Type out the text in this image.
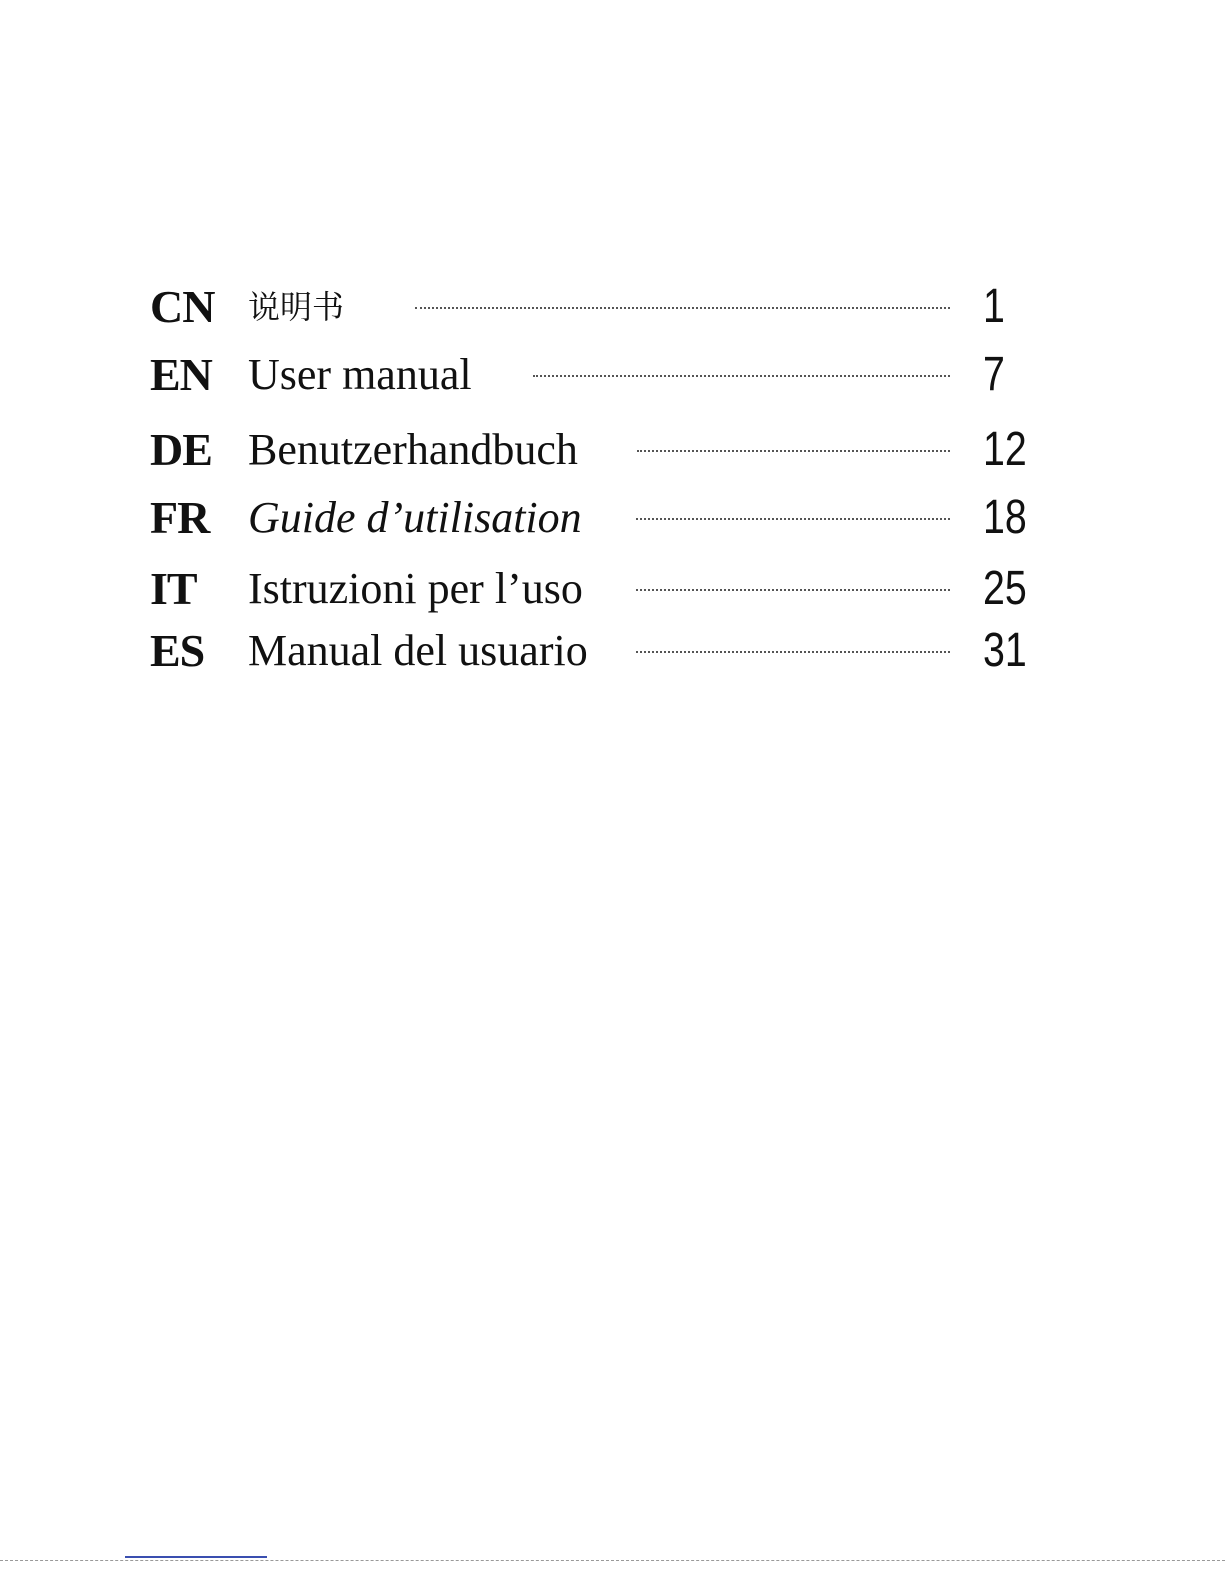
CN 说明书	1
EN User manual	7
DE Benutzerhandbuch	12
FR Guide d’utilisation	18
IT Istruzioni per l’uso	25
ES Manual del usuario	31
